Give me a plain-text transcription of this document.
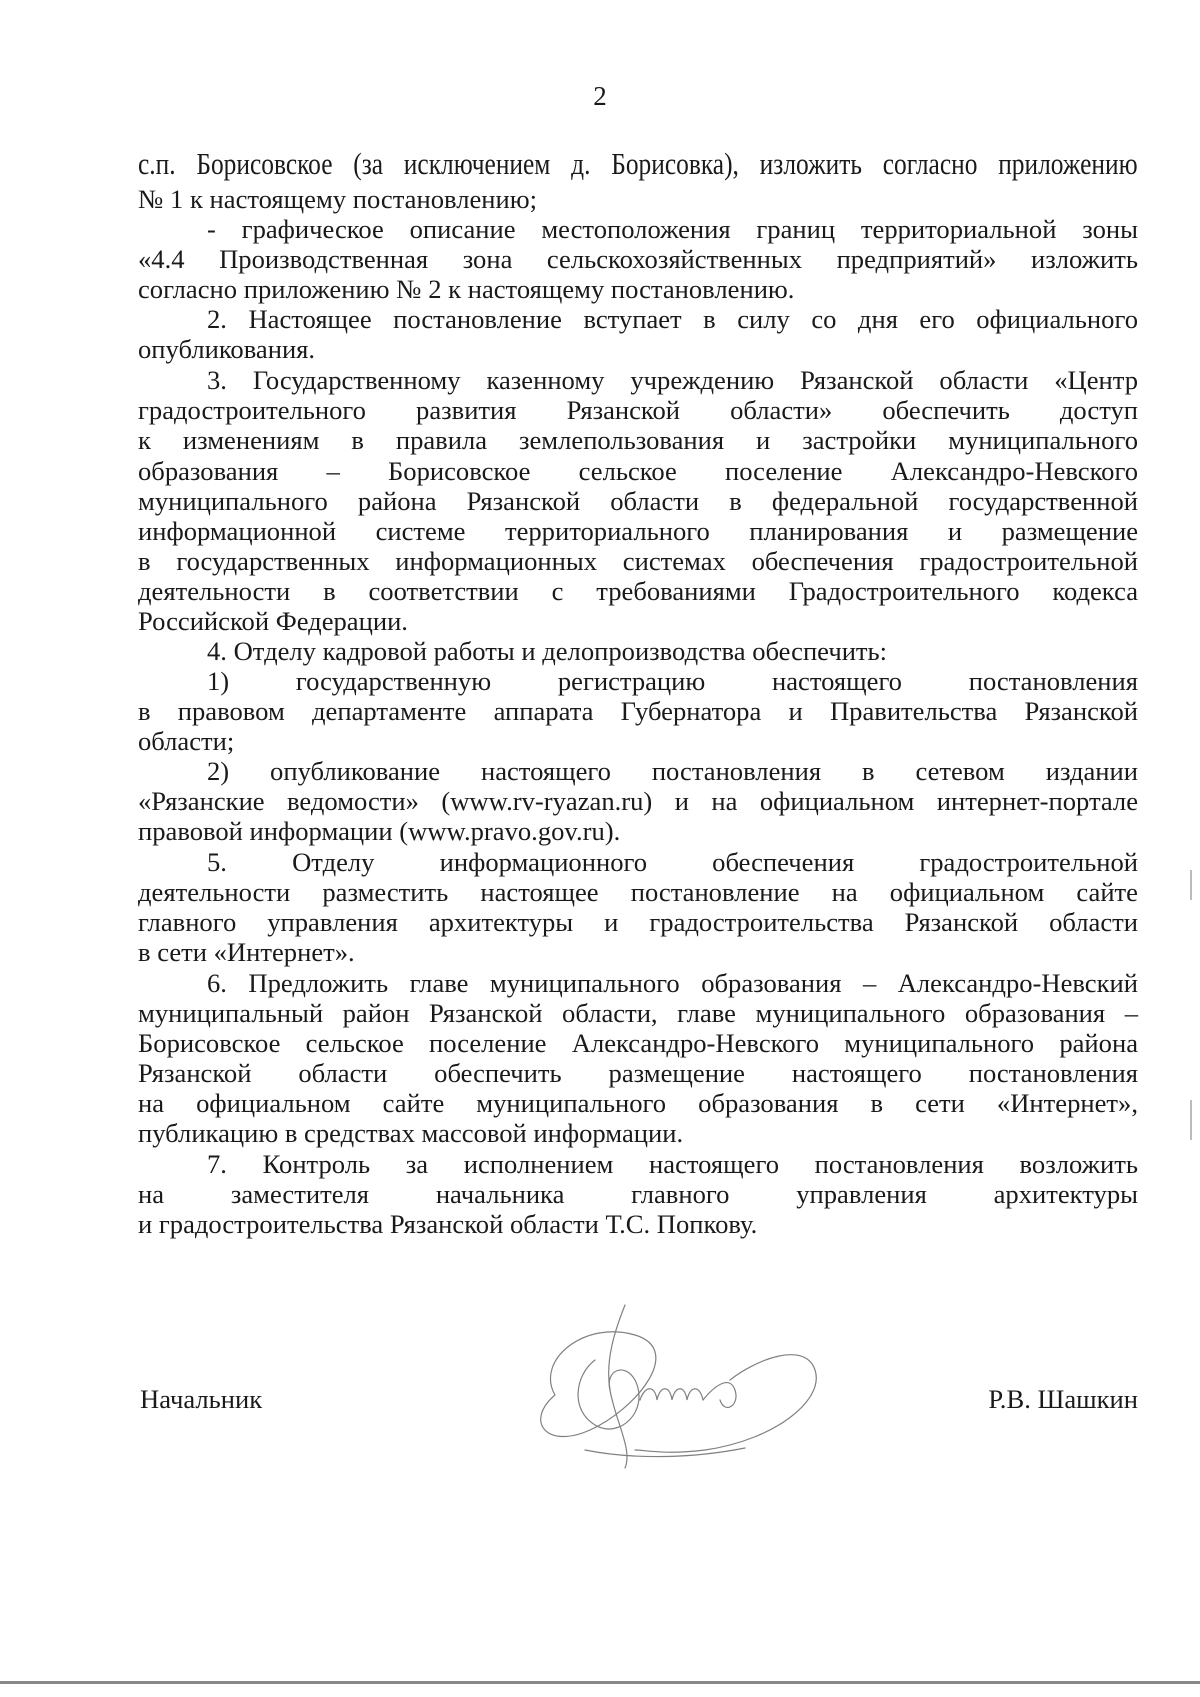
2
с.п. Борисовское (за исключением д. Борисовка), изложить согласно приложению
№ 1 к настоящему постановлению;
- графическое описание местоположения границ территориальной зоны
«4.4 Производственная зона сельскохозяйственных предприятий» изложить
согласно приложению № 2 к настоящему постановлению.
2. Настоящее постановление вступает в силу со дня его официального
опубликования.
3. Государственному казенному учреждению Рязанской области «Центр
градостроительного развития Рязанской области» обеспечить доступ
к изменениям в правила землепользования и застройки муниципального
образования – Борисовское сельское поселение Александро-Невского
муниципального района Рязанской области в федеральной государственной
информационной системе территориального планирования и размещение
в государственных информационных системах обеспечения градостроительной
деятельности в соответствии с требованиями Градостроительного кодекса
Российской Федерации.
4. Отделу кадровой работы и делопроизводства обеспечить:
1) государственную регистрацию настоящего постановления
в правовом департаменте аппарата Губернатора и Правительства Рязанской
области;
2) опубликование настоящего постановления в сетевом издании
«Рязанские ведомости» (www.rv-ryazan.ru) и на официальном интернет-портале
правовой информации (www.pravo.gov.ru).
5. Отделу информационного обеспечения градостроительной
деятельности разместить настоящее постановление на официальном сайте
главного управления архитектуры и градостроительства Рязанской области
в сети «Интернет».
6. Предложить главе муниципального образования – Александро-Невский
муниципальный район Рязанской области, главе муниципального образования –
Борисовское сельское поселение Александро-Невского муниципального района
Рязанской области обеспечить размещение настоящего постановления
на официальном сайте муниципального образования в сети «Интернет»,
публикацию в средствах массовой информации.
7. Контроль за исполнением настоящего постановления возложить
на заместителя начальника главного управления архитектуры
и градостроительства Рязанской области Т.С. Попкову.
Начальник	Р.В. Шашкин
